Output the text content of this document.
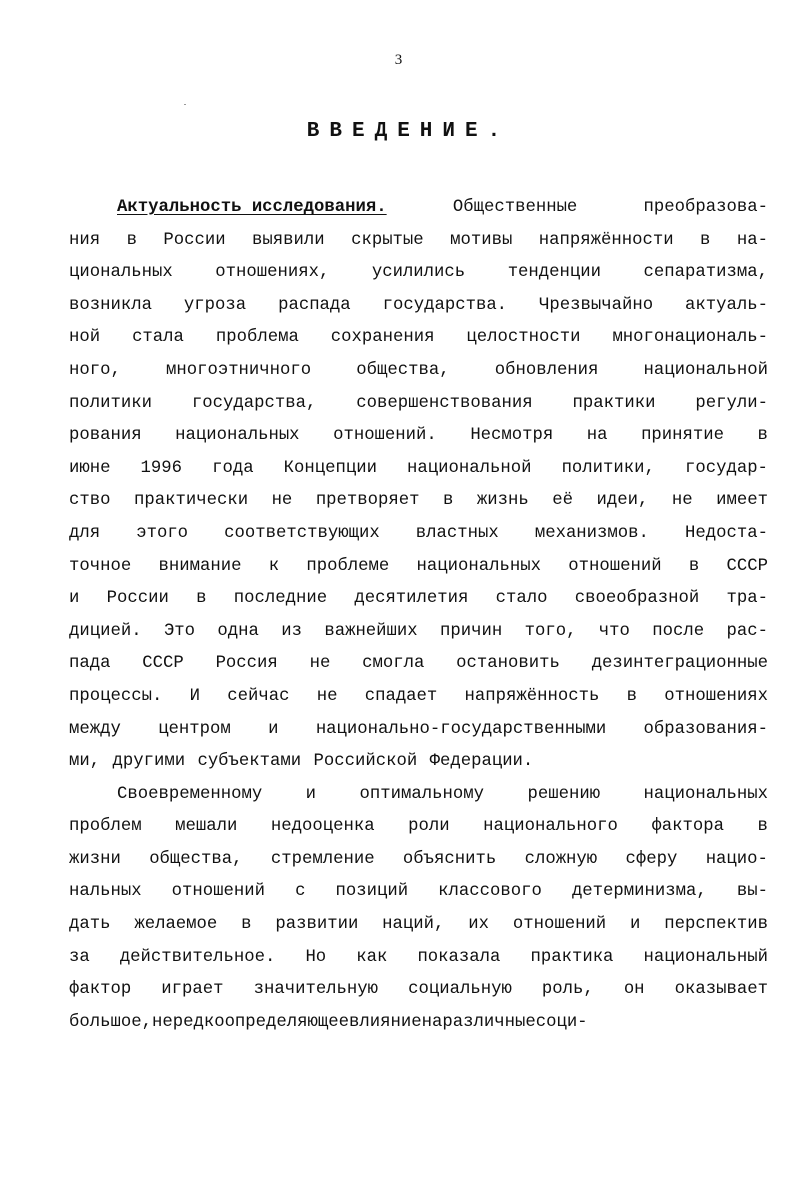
3
ВВЕДЕНИЕ.
Актуальность исследования.	Общественные	преобразова-
ния в России выявили скрытые мотивы напряжённости в на-
циональных отношениях, усилились тенденции сепаратизма,
возникла угроза распада государства. Чрезвычайно актуаль-
ной стала проблема сохранения целостности многонациональ-
ного,	многоэтничного	общества,	обновления	национальной
политики государства, совершенствования практики регули-
рования национальных отношений. Несмотря на принятие в
июне 1996 года Концепции национальной политики, государ-
ство практически не претворяет в жизнь её идеи, не имеет
для этого соответствующих властных механизмов. Недоста-
точное внимание к проблеме национальных отношений в СССР
и России в последние десятилетия стало своеобразной тра-
дицией. Это одна из важнейших причин того, что после рас-
пада СССР Россия не смогла остановить дезинтеграционные
процессы. И сейчас не спадает напряжённость в отношениях
между центром и национально-государственными образования-
ми, другими субъектами Российской Федерации.
Своевременному	и	оптимальному	решению	национальных
проблем мешали недооценка роли национального фактора в
жизни общества, стремление объяснить сложную сферу нацио-
нальных отношений с позиций классового детерминизма, вы-
дать желаемое в развитии наций, их отношений и перспектив
за действительное. Но как показала практика национальный
фактор играет значительную социальную роль, он оказывает
большое, нередко определяющее влияние на различные соци-
